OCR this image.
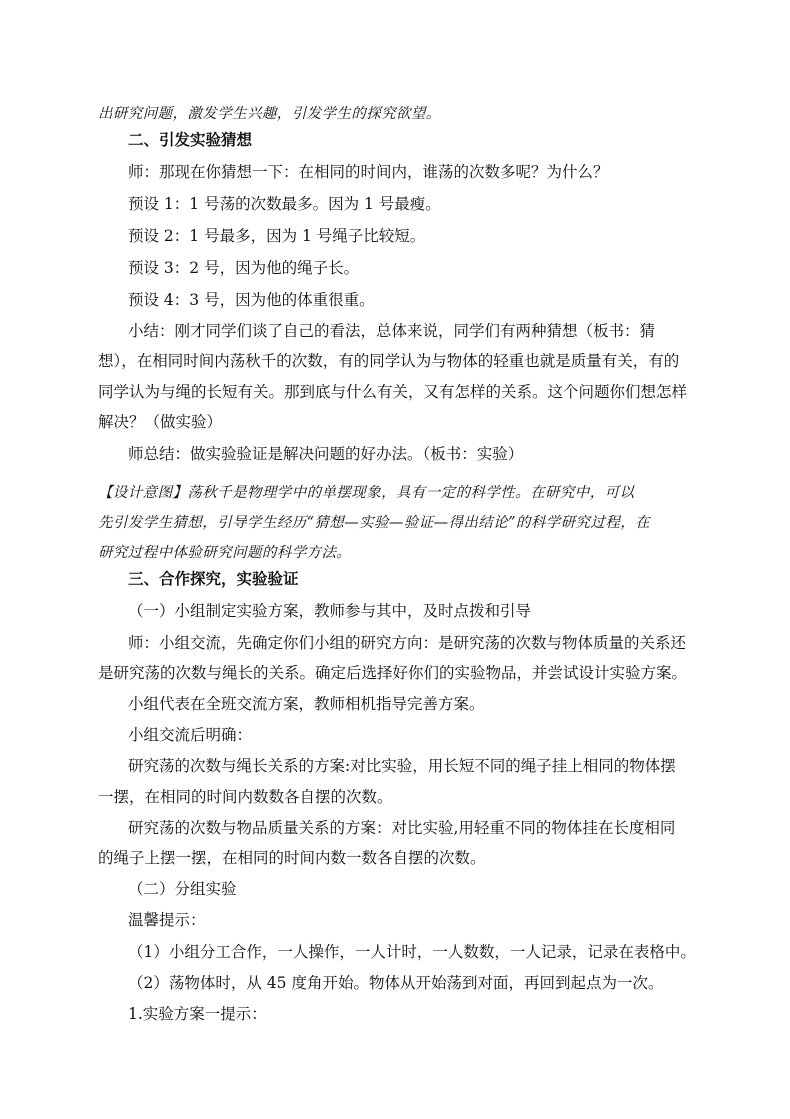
出研究问题，激发学生兴趣，引发学生的探究欲望。
二、引发实验猜想
师：那现在你猜想一下：在相同的时间内，谁荡的次数多呢？为什么？
预设 1：1 号荡的次数最多。因为 1 号最瘦。
预设 2：1 号最多，因为 1 号绳子比较短。
预设 3：2 号，因为他的绳子长。
预设 4：3 号，因为他的体重很重。
小结：刚才同学们谈了自己的看法，总体来说，同学们有两种猜想（板书：猜
想），在相同时间内荡秋千的次数，有的同学认为与物体的轻重也就是质量有关，有的
同学认为与绳的长短有关。那到底与什么有关，又有怎样的关系。这个问题你们想怎样
解决？（做实验）
师总结：做实验验证是解决问题的好办法。（板书：实验）
【设计意图】荡秋千是物理学中的单摆现象，具有一定的科学性。在研究中，可以
先引发学生猜想，引导学生经历“猜想—实验—验证—得出结论”的科学研究过程，在
研究过程中体验研究问题的科学方法。
三、合作探究，实验验证
（一）小组制定实验方案，教师参与其中，及时点拨和引导
师：小组交流，先确定你们小组的研究方向：是研究荡的次数与物体质量的关系还
是研究荡的次数与绳长的关系。确定后选择好你们的实验物品，并尝试设计实验方案。
小组代表在全班交流方案，教师相机指导完善方案。
小组交流后明确：
研究荡的次数与绳长关系的方案:对比实验，用长短不同的绳子挂上相同的物体摆
一摆，在相同的时间内数数各自摆的次数。
研究荡的次数与物品质量关系的方案：对比实验,用轻重不同的物体挂在长度相同
的绳子上摆一摆，在相同的时间内数一数各自摆的次数。
（二）分组实验
温馨提示：
（1）小组分工合作，一人操作，一人计时，一人数数，一人记录，记录在表格中。
（2）荡物体时，从 45 度角开始。物体从开始荡到对面，再回到起点为一次。
1.实验方案一提示：
